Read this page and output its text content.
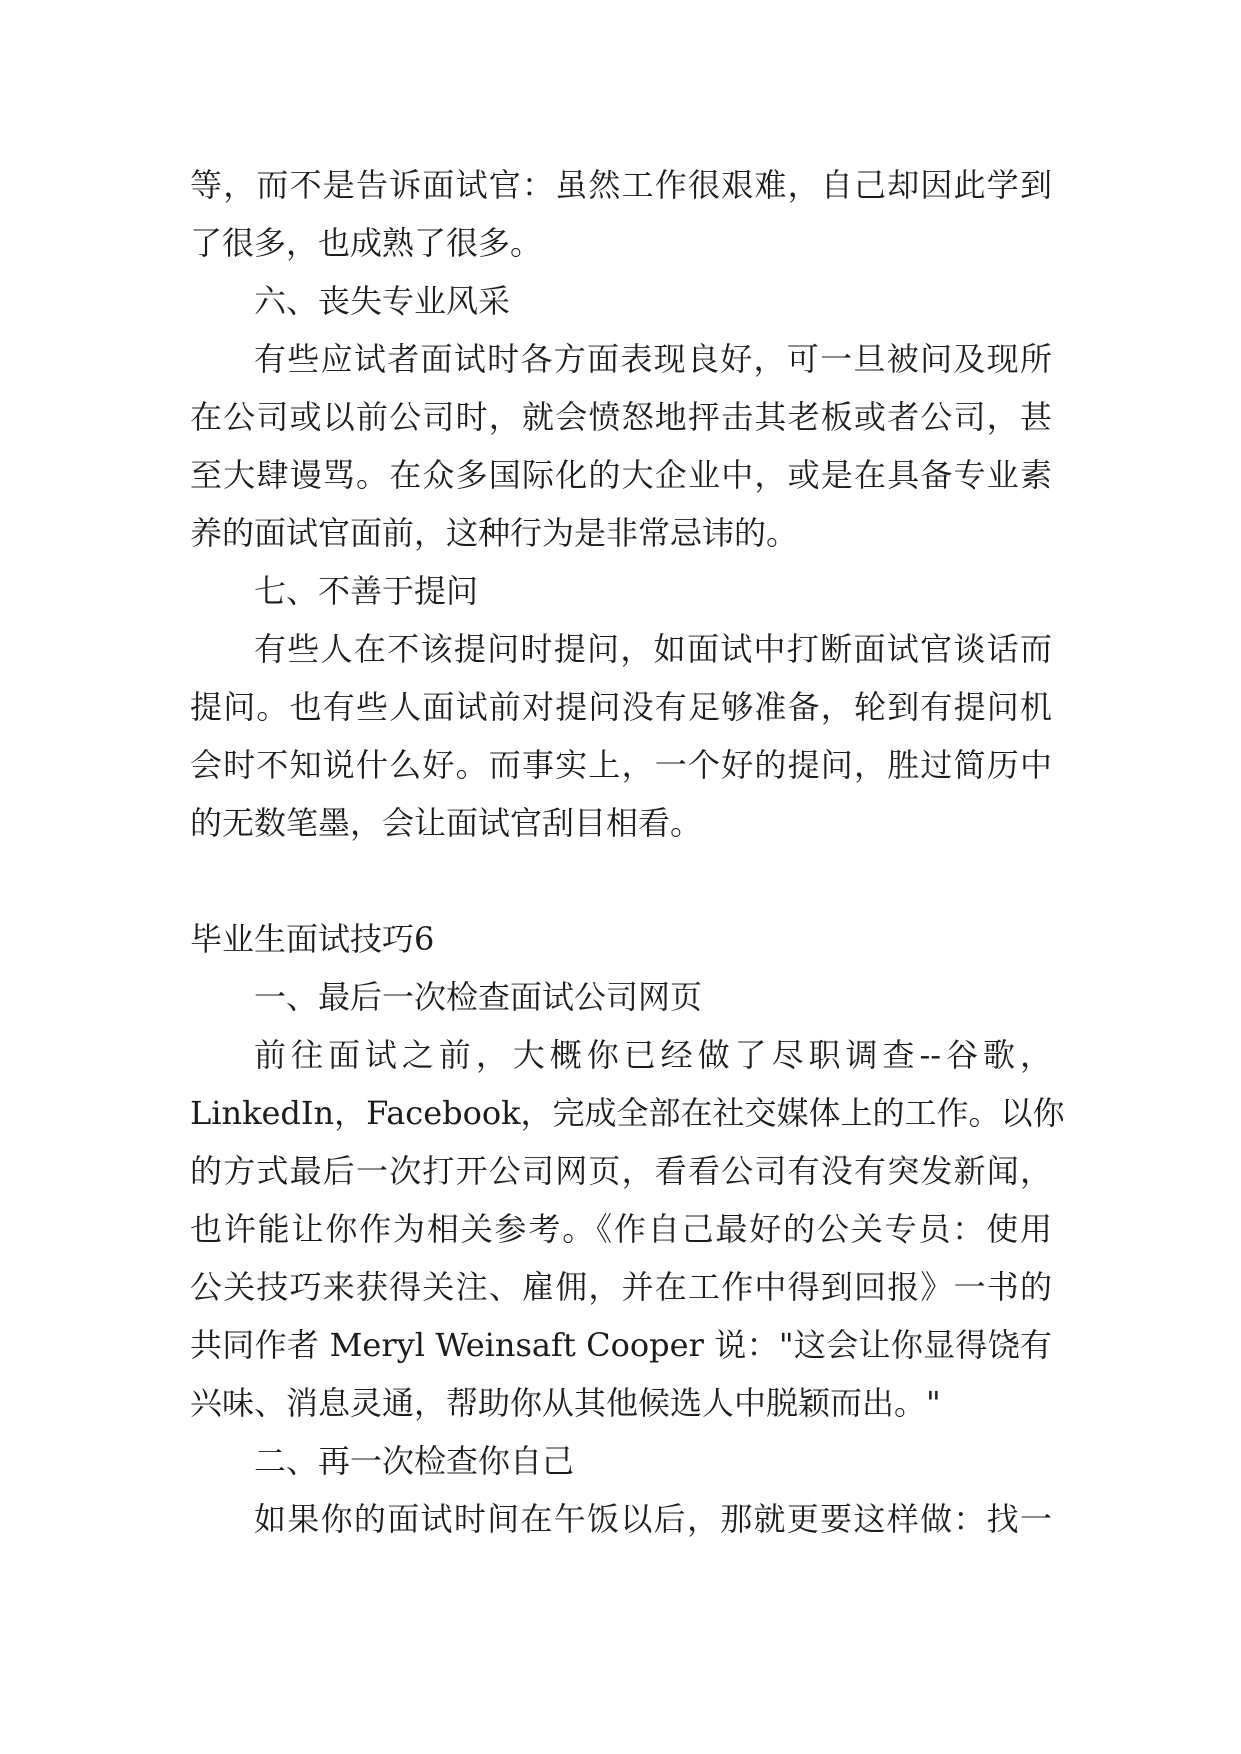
等，而不是告诉面试官：虽然工作很艰难，自己却因此学到
了很多，也成熟了很多。

六、丧失专业风采

有些应试者面试时各方面表现良好，可一旦被问及现所
在公司或以前公司时，就会愤怒地抨击其老板或者公司，甚
至大肆谩骂。在众多国际化的大企业中，或是在具备专业素
养的面试官面前，这种行为是非常忌讳的。

七、不善于提问

有些人在不该提问时提问，如面试中打断面试官谈话而
提问。也有些人面试前对提问没有足够准备，轮到有提问机
会时不知说什么好。而事实上，一个好的提问，胜过简历中
的无数笔墨，会让面试官刮目相看。

毕业生面试技巧6

一、最后一次检查面试公司网页

前往面试之前，大概你已经做了尽职调查--谷歌，
LinkedIn，Facebook，完成全部在社交媒体上的工作。以你
的方式最后一次打开公司网页，看看公司有没有突发新闻，
也许能让你作为相关参考。《作自己最好的公关专员：使用
公关技巧来获得关注、雇佣，并在工作中得到回报》一书的
共同作者 Meryl Weinsaft Cooper 说："这会让你显得饶有
兴味、消息灵通，帮助你从其他候选人中脱颖而出。"

二、再一次检查你自己

如果你的面试时间在午饭以后，那就更要这样做：找一
